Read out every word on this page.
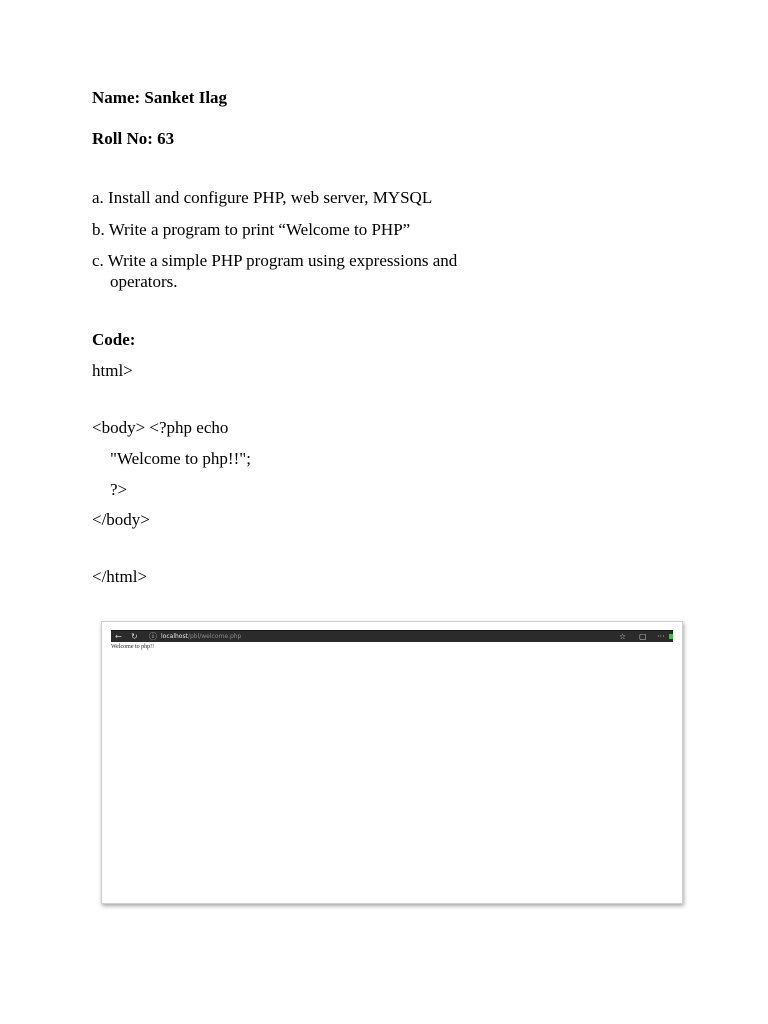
Name: Sanket Ilag
Roll No: 63
a. Install and configure PHP, web server, MYSQL
b. Write a program to print “Welcome to PHP”
c. Write a simple PHP program using expressions and
operators.
Code:
html>
<body> <?php echo
"Welcome to php!!";
?>
</body>
</html>
← ↻ ⓘ localhost/pbl/welcome.php	☆ ▢ ···
Welcome to php!!
